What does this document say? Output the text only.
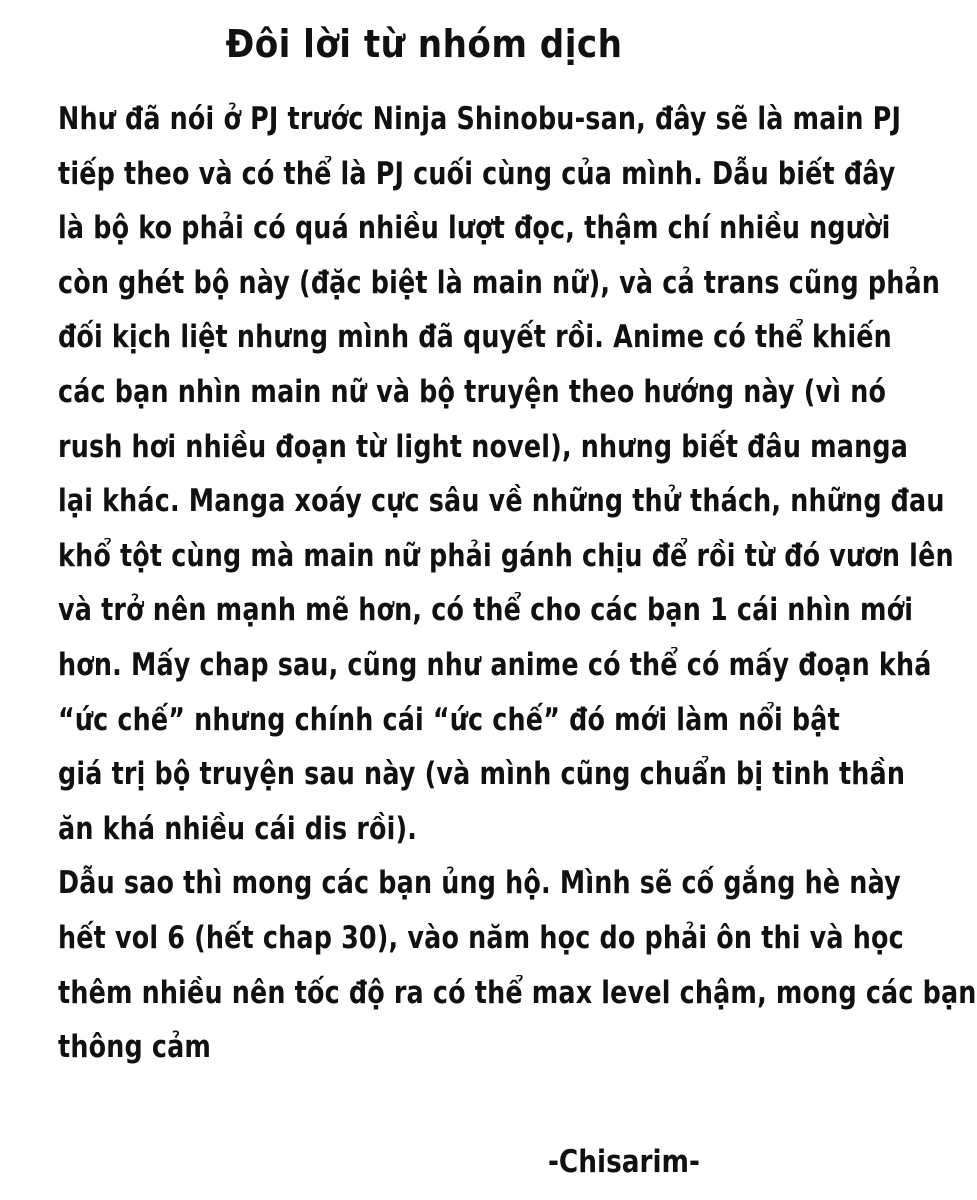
Đôi lời từ nhóm dịch
Như đã nói ở PJ trước Ninja Shinobu-san, đây sẽ là main PJ
tiếp theo và có thể là PJ cuối cùng của mình. Dẫu biết đây
là bộ ko phải có quá nhiều lượt đọc, thậm chí nhiều người
còn ghét bộ này (đặc biệt là main nữ), và cả trans cũng phản
đối kịch liệt nhưng mình đã quyết rồi. Anime có thể khiến
các bạn nhìn main nữ và bộ truyện theo hướng này (vì nó
rush hơi nhiều đoạn từ light novel), nhưng biết đâu manga
lại khác. Manga xoáy cực sâu về những thử thách, những đau
khổ tột cùng mà main nữ phải gánh chịu để rồi từ đó vươn lên
và trở nên mạnh mẽ hơn, có thể cho các bạn 1 cái nhìn mới
hơn. Mấy chap sau, cũng như anime có thể có mấy đoạn khá
“ức chế” nhưng chính cái “ức chế” đó mới làm nổi bật
giá trị bộ truyện sau này (và mình cũng chuẩn bị tinh thần
ăn khá nhiều cái dis rồi).
Dẫu sao thì mong các bạn ủng hộ. Mình sẽ cố gắng hè này
hết vol 6 (hết chap 30), vào năm học do phải ôn thi và học
thêm nhiều nên tốc độ ra có thể max level chậm, mong các bạn
thông cảm
-Chisarim-
